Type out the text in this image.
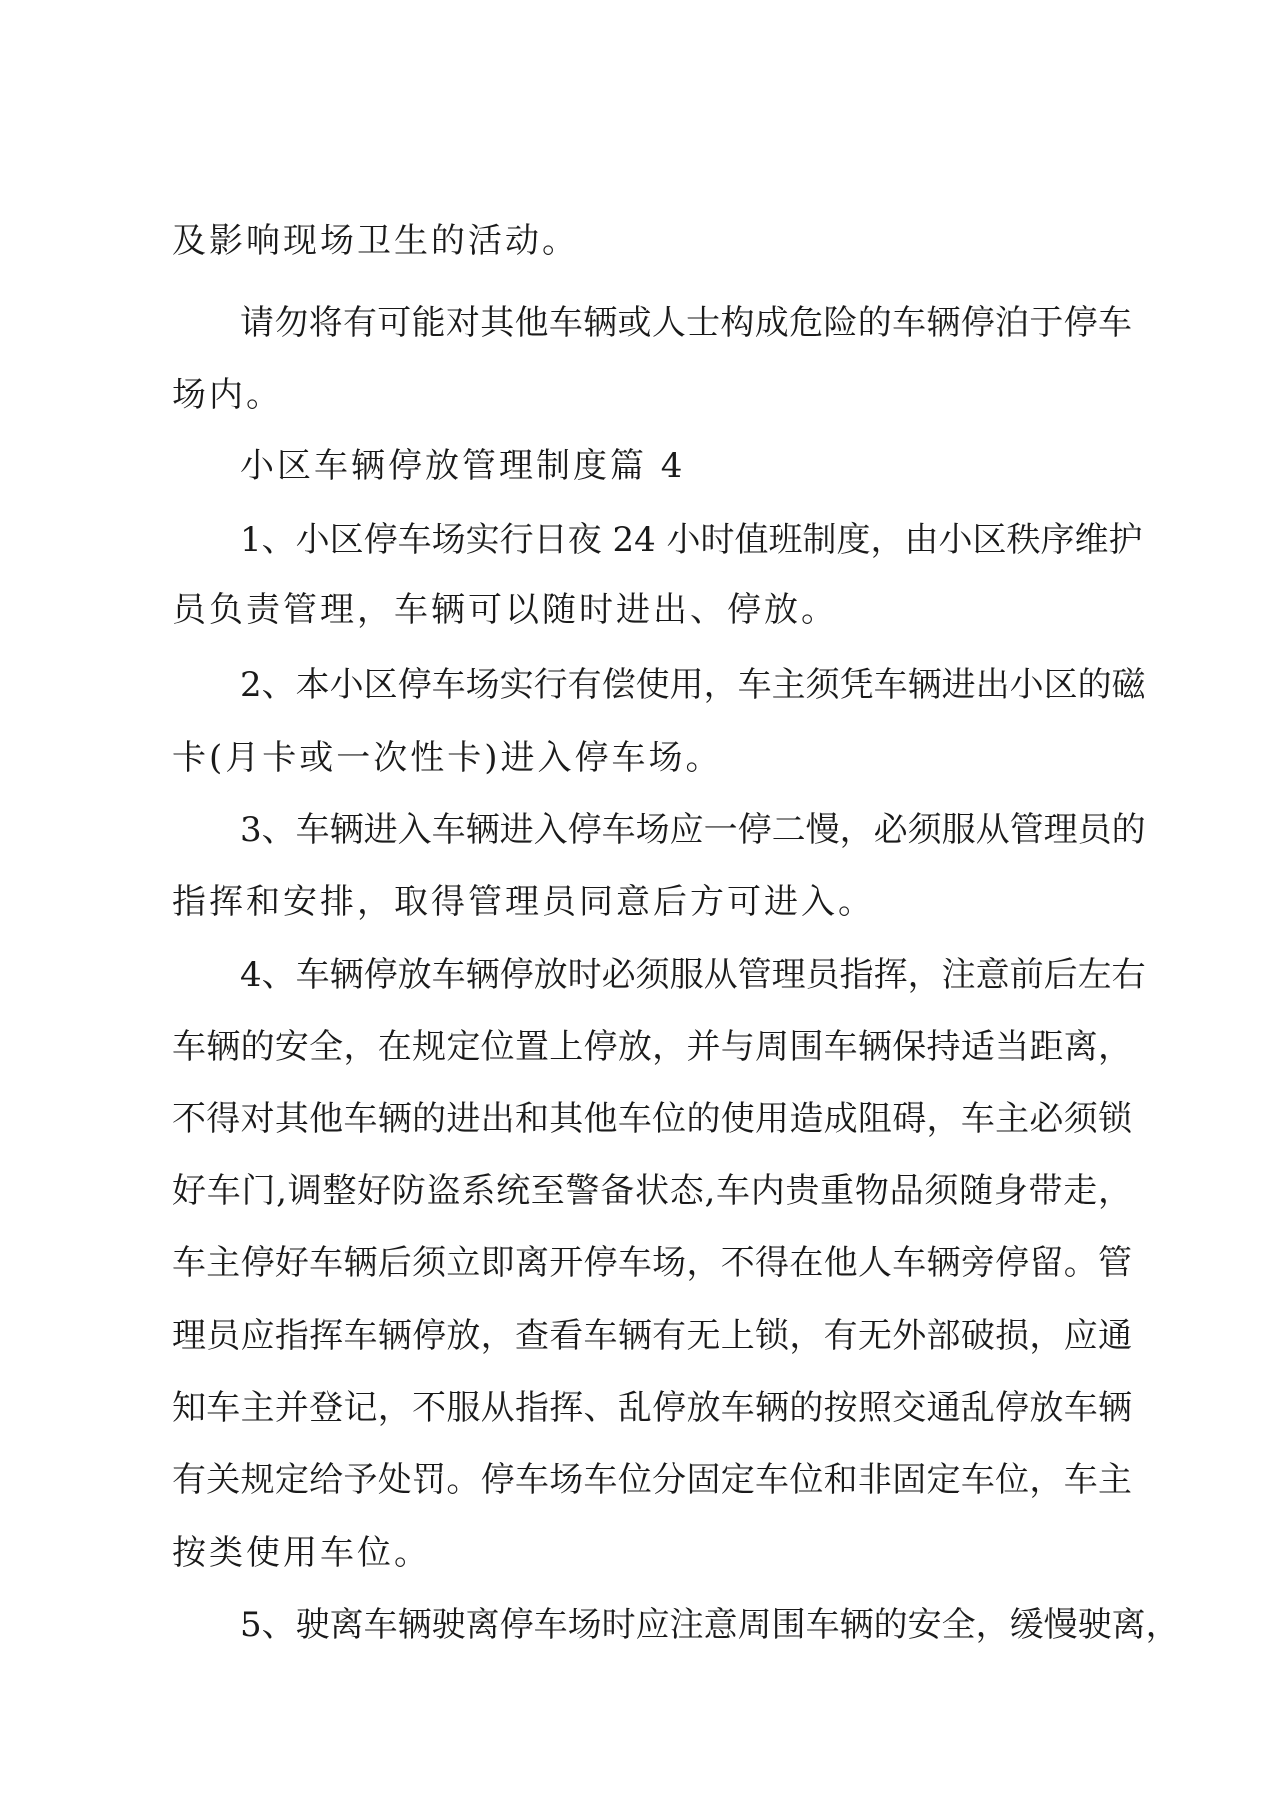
及影响现场卫生的活动。

请勿将有可能对其他车辆或人士构成危险的车辆停泊于停车

场内。

小区车辆停放管理制度篇 4

1、小区停车场实行日夜 24 小时值班制度，由小区秩序维护

员负责管理，车辆可以随时进出、停放。

2、本小区停车场实行有偿使用，车主须凭车辆进出小区的磁

卡(月卡或一次性卡)进入停车场。

3、车辆进入车辆进入停车场应一停二慢，必须服从管理员的

指挥和安排，取得管理员同意后方可进入。

4、车辆停放车辆停放时必须服从管理员指挥，注意前后左右

车辆的安全，在规定位置上停放，并与周围车辆保持适当距离，

不得对其他车辆的进出和其他车位的使用造成阻碍，车主必须锁

好车门,调整好防盗系统至警备状态,车内贵重物品须随身带走，

车主停好车辆后须立即离开停车场，不得在他人车辆旁停留。管

理员应指挥车辆停放，查看车辆有无上锁，有无外部破损，应通

知车主并登记，不服从指挥、乱停放车辆的按照交通乱停放车辆

有关规定给予处罚。停车场车位分固定车位和非固定车位，车主

按类使用车位。

5、驶离车辆驶离停车场时应注意周围车辆的安全，缓慢驶离，
